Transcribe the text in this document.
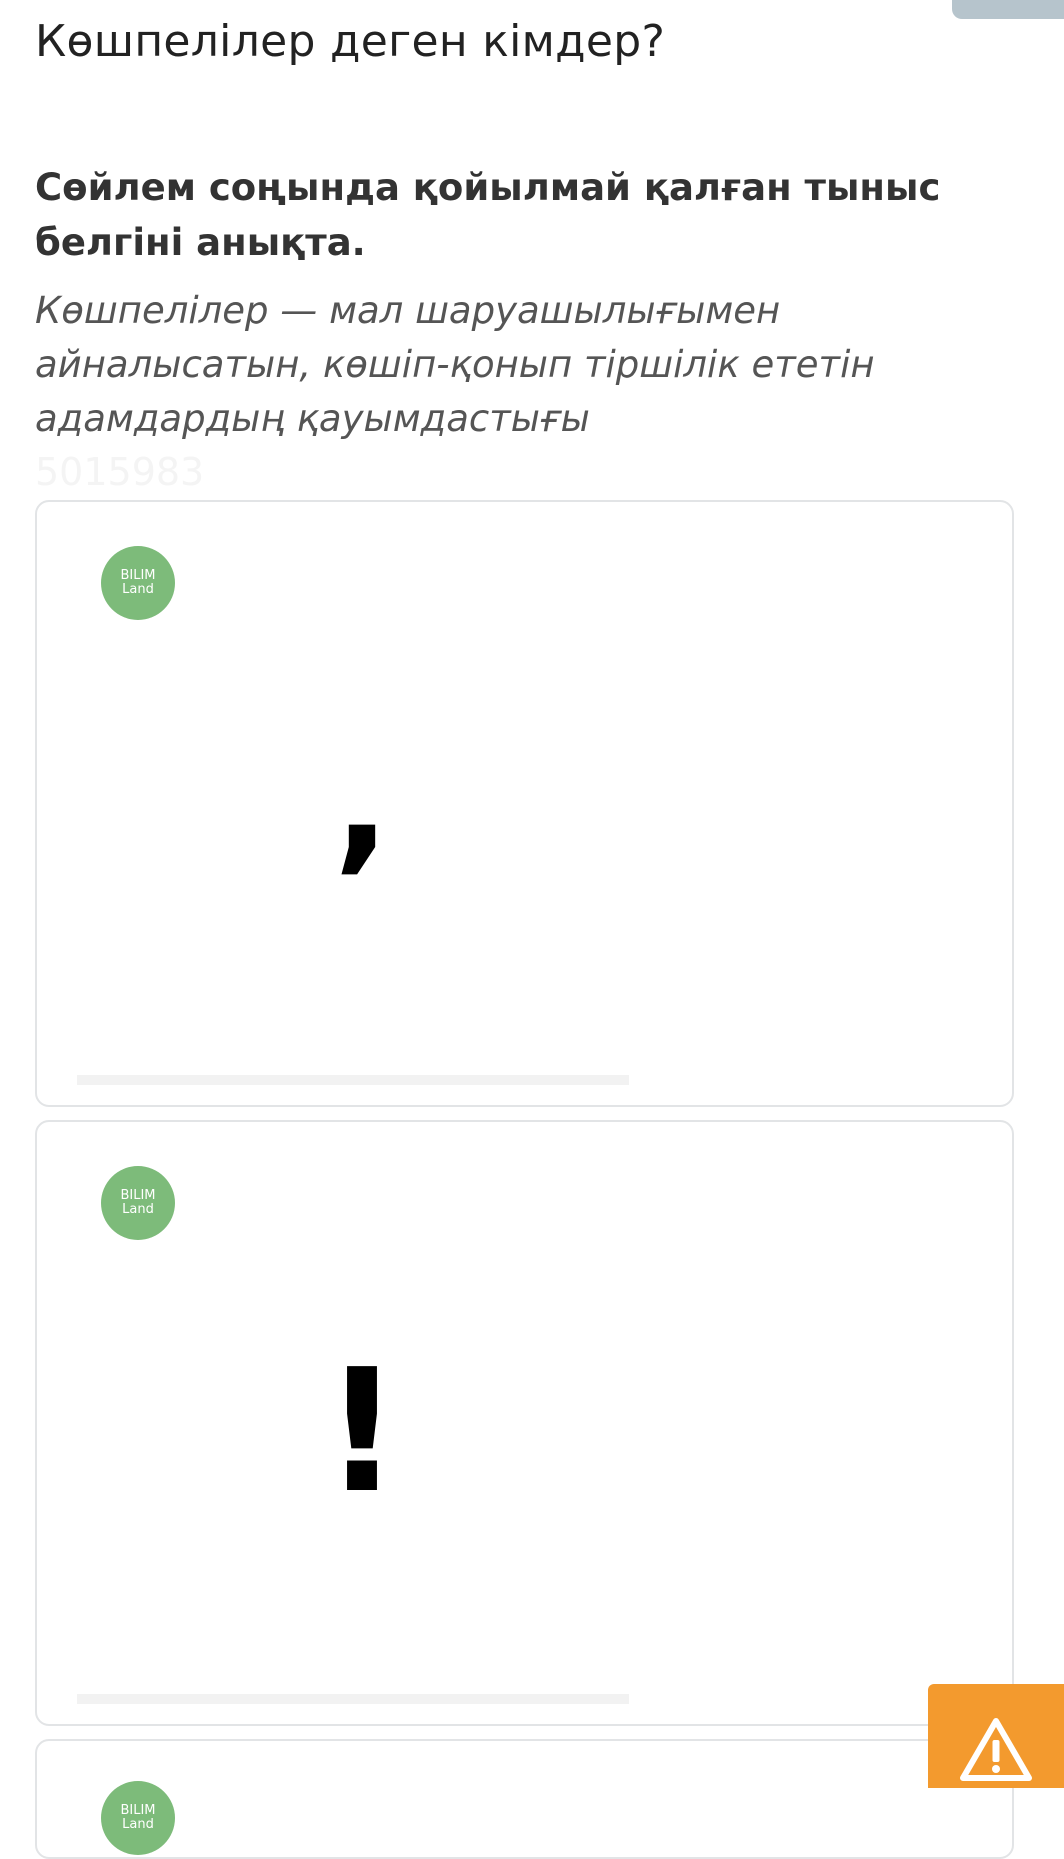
Көшпелілер деген кімдер?

Сөйлем соңында қойылмай қалған тыныс белгіні анықта.

Көшпелілер — мал шаруашылығымен айналысатын, көшіп-қонып тіршілік ететін адамдардың қауымдастығы

5015983
BILIM
Land
,
BILIM
Land
!
BILIM
Land
